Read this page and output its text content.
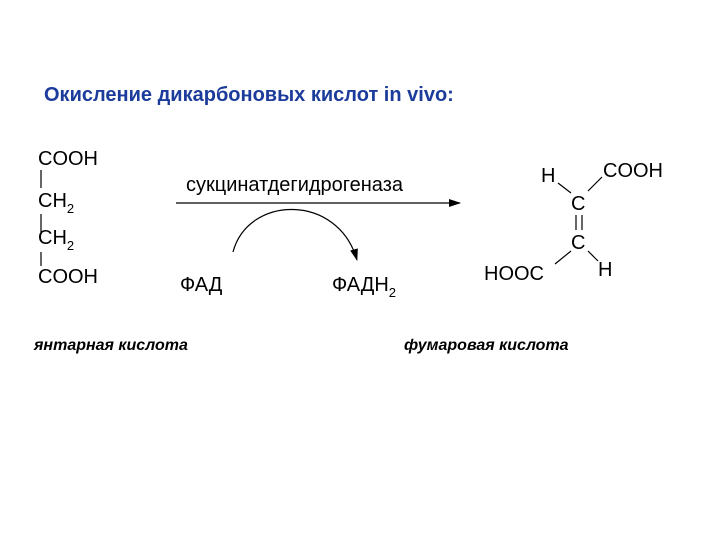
Окисление дикарбоновых кислот in vivo:
COOH
$CH_2$
$CH_2$
COOH
сукцинатдегидрогеназа
ФАД	$ФАДН_2$
H COOH
C
C
HOOC	H
янтарная кислота	фумаровая кислота
